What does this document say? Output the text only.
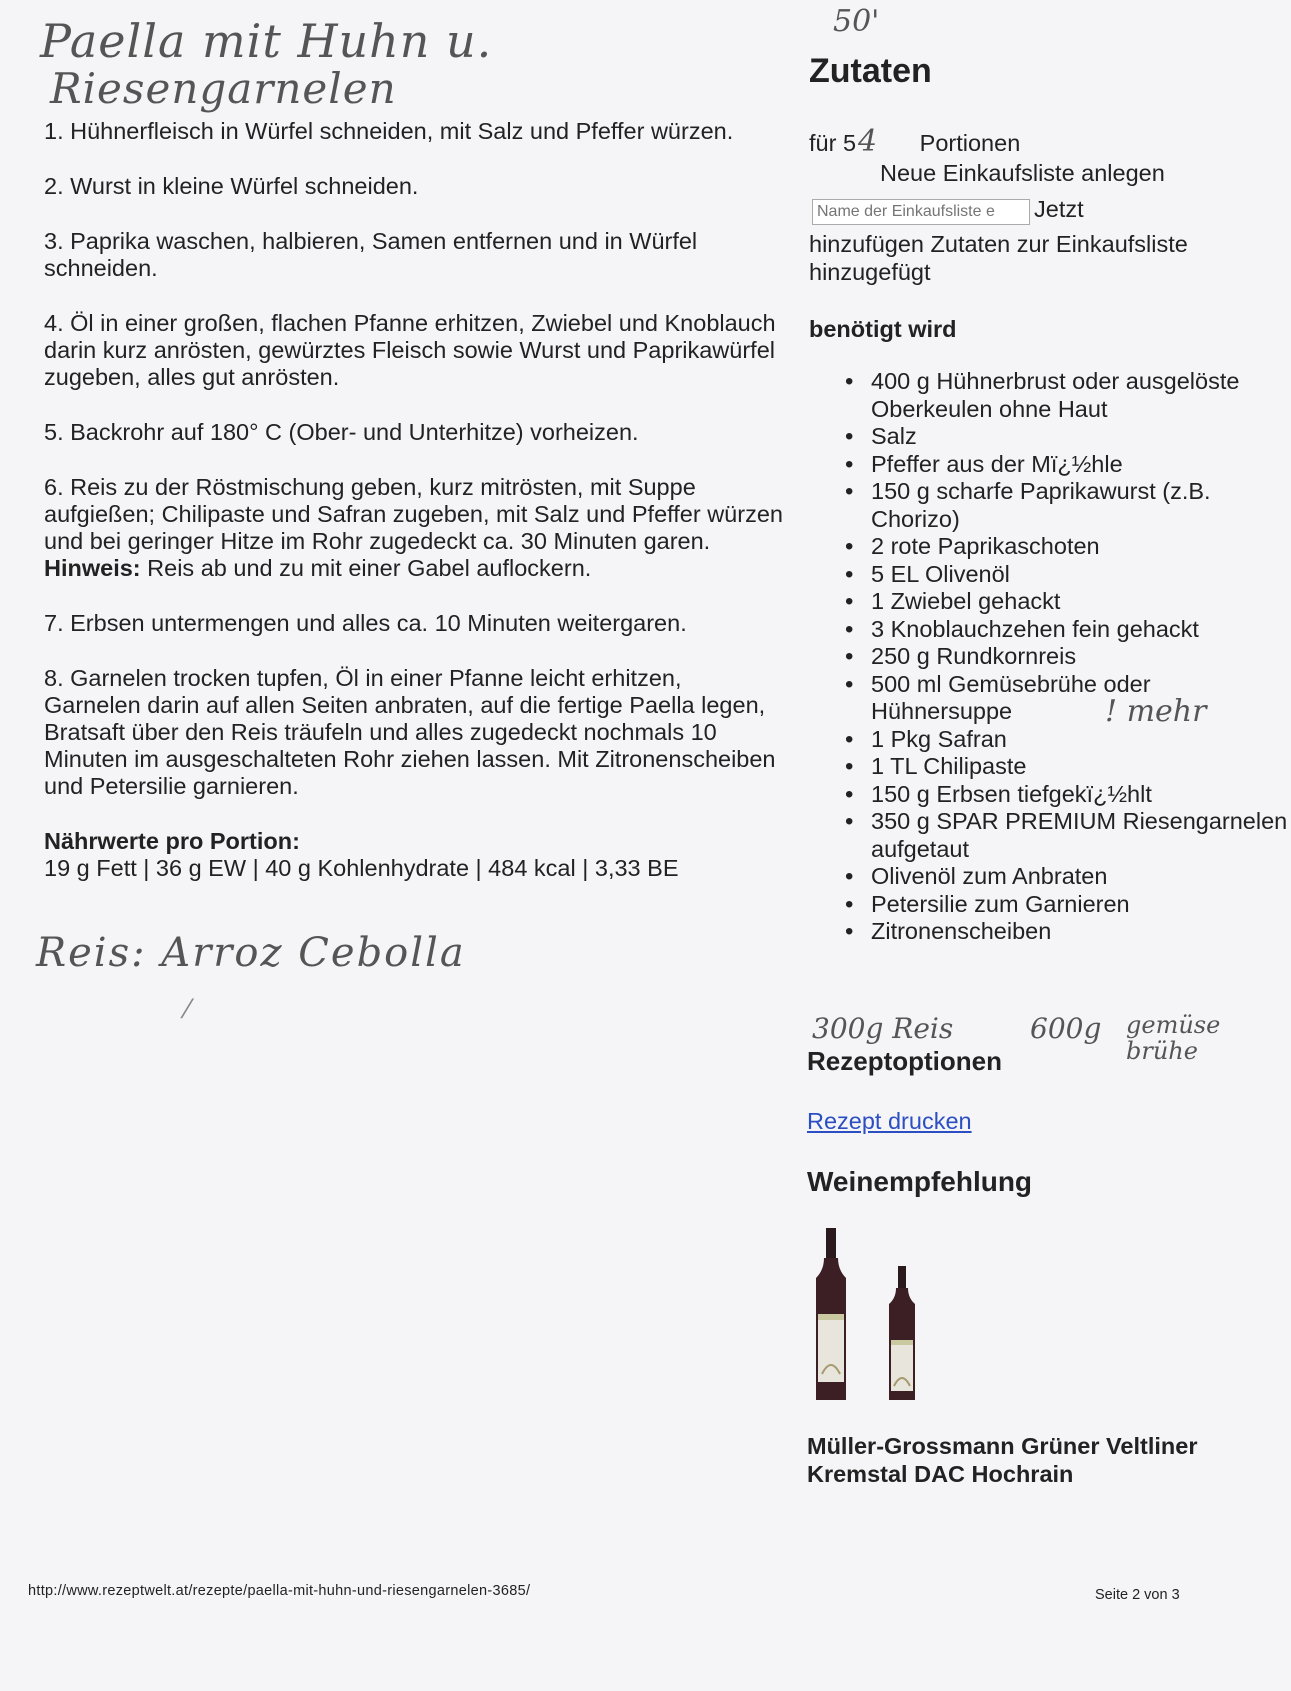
Paella mit Huhn u.
Riesengarnelen
50'

1. Hühnerfleisch in Würfel schneiden, mit Salz und Pfeffer würzen.

2. Wurst in kleine Würfel schneiden.

3. Paprika waschen, halbieren, Samen entfernen und in Würfel schneiden.

4. Öl in einer großen, flachen Pfanne erhitzen, Zwiebel und Knoblauch darin kurz anrösten, gewürztes Fleisch sowie Wurst und Paprikawürfel zugeben, alles gut anrösten.

5. Backrohr auf 180° C (Ober- und Unterhitze) vorheizen.

6. Reis zu der Röstmischung geben, kurz mitrösten, mit Suppe aufgießen; Chilipaste und Safran zugeben, mit Salz und Pfeffer würzen und bei geringer Hitze im Rohr zugedeckt ca. 30 Minuten garen. Hinweis: Reis ab und zu mit einer Gabel auflockern.

7. Erbsen untermengen und alles ca. 10 Minuten weitergaren.

8. Garnelen trocken tupfen, Öl in einer Pfanne leicht erhitzen, Garnelen darin auf allen Seiten anbraten, auf die fertige Paella legen, Bratsaft über den Reis träufeln und alles zugedeckt nochmals 10 Minuten im ausgeschalteten Rohr ziehen lassen. Mit Zitronenscheiben und Petersilie garnieren.

Nährwerte pro Portion:
19 g Fett | 36 g EW | 40 g Kohlenhydrate | 484 kcal | 3,33 BE
Reis: Arroz Cebolla
⁄
Zutaten
für 54 Portionen
Neue Einkaufsliste anlegen
Name der Einkaufsliste e
Jetzt
hinzufügen Zutaten zur Einkaufsliste hinzugefügt
benötigt wird
• 400 g Hühnerbrust oder ausgelöste Oberkeulen ohne Haut
• Salz
• Pfeffer aus der Mï¿½hle
• 150 g scharfe Paprikawurst (z.B. Chorizo)
• 2 rote Paprikaschoten
• 5 EL Olivenöl
• 1 Zwiebel gehackt
• 3 Knoblauchzehen fein gehackt
• 250 g Rundkornreis
• 500 ml Gemüsebrühe oder Hühnersuppe
• 1 Pkg Safran
• 1 TL Chilipaste
• 150 g Erbsen tiefgekï¿½hlt
• 350 g SPAR PREMIUM Riesengarnelen aufgetaut
• Olivenöl zum Anbraten
• Petersilie zum Garnieren
• Zitronenscheiben
! mehr
300g Reis	600g gemüse brühe
Rezeptoptionen
Rezept drucken
Weinempfehlung
Müller-Grossmann Grüner Veltliner Kremstal DAC Hochrain
http://www.rezeptwelt.at/rezepte/paella-mit-huhn-und-riesengarnelen-3685/	Seite 2 von 3
